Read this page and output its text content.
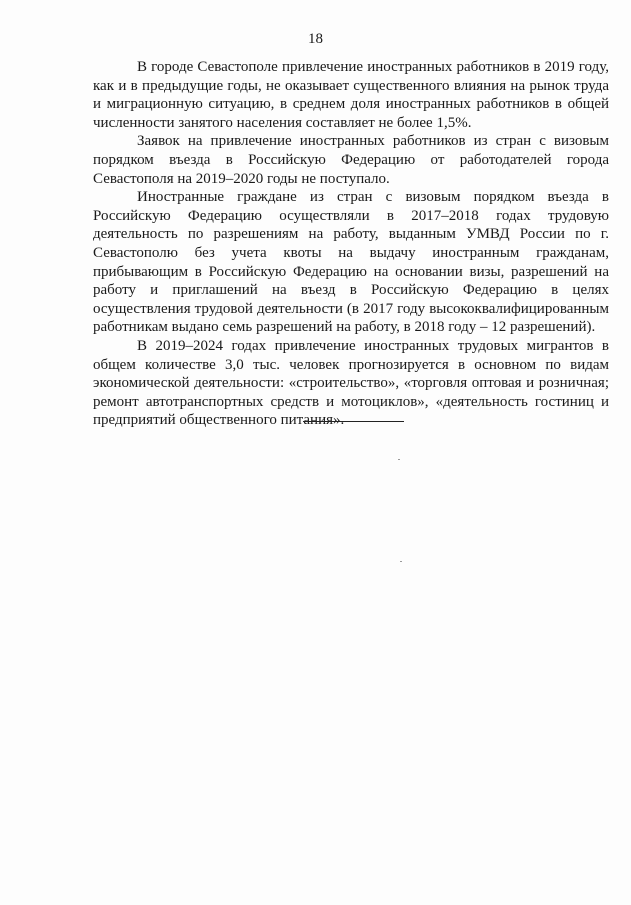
18

В городе Севастополе привлечение иностранных работников в 2019 году, как и в предыдущие годы, не оказывает существенного влияния на рынок труда и миграционную ситуацию, в среднем доля иностранных работников в общей численности занятого населения составляет не более 1,5%.

Заявок на привлечение иностранных работников из стран с визовым порядком въезда в Российскую Федерацию от работодателей города Севастополя на 2019–2020 годы не поступало.

Иностранные граждане из стран с визовым порядком въезда в Российскую Федерацию осуществляли в 2017–2018 годах трудовую деятельность по разрешениям на работу, выданным УМВД России по г. Севастополю без учета квоты на выдачу иностранным гражданам, прибывающим в Российскую Федерацию на основании визы, разрешений на работу и приглашений на въезд в Российскую Федерацию в целях осуществления трудовой деятельности (в 2017 году высококвалифицированным работникам выдано семь разрешений на работу, в 2018 году – 12 разрешений).

В 2019–2024 годах привлечение иностранных трудовых мигрантов в общем количестве 3,0 тыс. человек прогнозируется в основном по видам экономической деятельности: «строительство», «торговля оптовая и розничная; ремонт автотранспортных средств и мотоциклов», «деятельность гостиниц и предприятий общественного питания».
